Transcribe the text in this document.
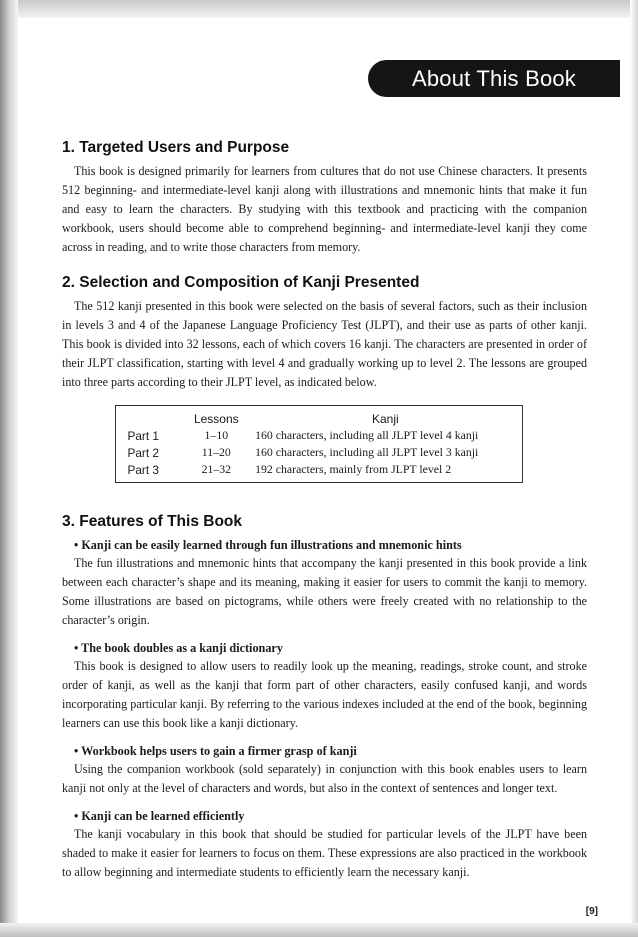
About This Book
1. Targeted Users and Purpose

This book is designed primarily for learners from cultures that do not use Chinese characters. It presents 512 beginning- and intermediate-level kanji along with illustrations and mnemonic hints that make it fun and easy to learn the characters. By studying with this textbook and practicing with the companion workbook, users should become able to comprehend beginning- and intermediate-level kanji they come across in reading, and to write those characters from memory.

2. Selection and Composition of Kanji Presented

The 512 kanji presented in this book were selected on the basis of several factors, such as their inclusion in levels 3 and 4 of the Japanese Language Proficiency Test (JLPT), and their use as parts of other kanji. This book is divided into 32 lessons, each of which covers 16 kanji. The characters are presented in order of their JLPT classification, starting with level 4 and gradually working up to level 2. The lessons are grouped into three parts according to their JLPT level, as indicated below.

	Lessons	Kanji
Part 1	1–10	160 characters, including all JLPT level 4 kanji
Part 2	11–20	160 characters, including all JLPT level 3 kanji
Part 3	21–32	192 characters, mainly from JLPT level 2
3. Features of This Book

• Kanji can be easily learned through fun illustrations and mnemonic hints

The fun illustrations and mnemonic hints that accompany the kanji presented in this book provide a link between each character’s shape and its meaning, making it easier for users to commit the kanji to memory. Some illustrations are based on pictograms, while others were freely created with no relationship to the character’s origin.

• The book doubles as a kanji dictionary

This book is designed to allow users to readily look up the meaning, readings, stroke count, and stroke order of kanji, as well as the kanji that form part of other characters, easily confused kanji, and words incorporating particular kanji. By referring to the various indexes included at the end of the book, beginning learners can use this book like a kanji dictionary.

• Workbook helps users to gain a firmer grasp of kanji

Using the companion workbook (sold separately) in conjunction with this book enables users to learn kanji not only at the level of characters and words, but also in the context of sentences and longer text.

• Kanji can be learned efficiently

The kanji vocabulary in this book that should be studied for particular levels of the JLPT have been shaded to make it easier for learners to focus on them. These expressions are also practiced in the workbook to allow beginning and intermediate students to efficiently learn the necessary kanji.

[9]
